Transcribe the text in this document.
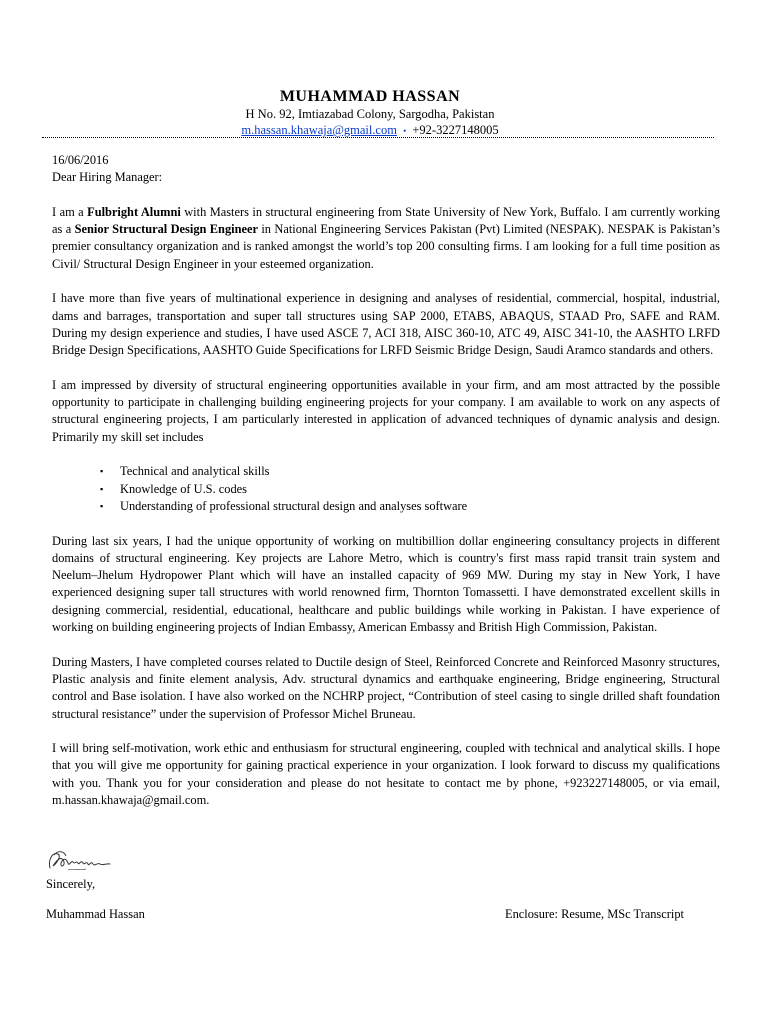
MUHAMMAD HASSAN
H No. 92, Imtiazabad Colony, Sargodha, Pakistan
m.hassan.khawaja@gmail.com • +92-3227148005
16/06/2016
Dear Hiring Manager:

I am a Fulbright Alumni with Masters in structural engineering from State University of New York, Buffalo. I am currently working as a Senior Structural Design Engineer in National Engineering Services Pakistan (Pvt) Limited (NESPAK). NESPAK is Pakistan’s premier consultancy organization and is ranked amongst the world’s top 200 consulting firms. I am looking for a full time position as Civil/ Structural Design Engineer in your esteemed organization.

I have more than five years of multinational experience in designing and analyses of residential, commercial, hospital, industrial, dams and barrages, transportation and super tall structures using SAP 2000, ETABS, ABAQUS, STAAD Pro, SAFE and RAM. During my design experience and studies, I have used ASCE 7, ACI 318, AISC 360-10, ATC 49, AISC 341-10, the AASHTO LRFD Bridge Design Specifications, AASHTO Guide Specifications for LRFD Seismic Bridge Design, Saudi Aramco standards and others.

I am impressed by diversity of structural engineering opportunities available in your firm, and am most attracted by the possible opportunity to participate in challenging building engineering projects for your company. I am available to work on any aspects of structural engineering projects, I am particularly interested in application of advanced techniques of dynamic analysis and design. Primarily my skill set includes

▪ Technical and analytical skills
▪ Knowledge of U.S. codes
▪ Understanding of professional structural design and analyses software

During last six years, I had the unique opportunity of working on multibillion dollar engineering consultancy projects in different domains of structural engineering. Key projects are Lahore Metro, which is country's first mass rapid transit train system and Neelum–Jhelum Hydropower Plant which will have an installed capacity of 969 MW. During my stay in New York, I have experienced designing super tall structures with world renowned firm, Thornton Tomassetti. I have demonstrated excellent skills in designing commercial, residential, educational, healthcare and public buildings while working in Pakistan. I have experience of working on building engineering projects of Indian Embassy, American Embassy and British High Commission, Pakistan.

During Masters, I have completed courses related to Ductile design of Steel, Reinforced Concrete and Reinforced Masonry structures, Plastic analysis and finite element analysis, Adv. structural dynamics and earthquake engineering, Bridge engineering, Structural control and Base isolation. I have also worked on the NCHRP project, “Contribution of steel casing to single drilled shaft foundation structural resistance” under the supervision of Professor Michel Bruneau.

I will bring self-motivation, work ethic and enthusiasm for structural engineering, coupled with technical and analytical skills. I hope that you will give me opportunity for gaining practical experience in your organization. I look forward to discuss my qualifications with you. Thank you for your consideration and please do not hesitate to contact me by phone, +923227148005, or via email, m.hassan.khawaja@gmail.com.

Sincerely,
Muhammad Hassan	Enclosure: Resume, MSc Transcript
